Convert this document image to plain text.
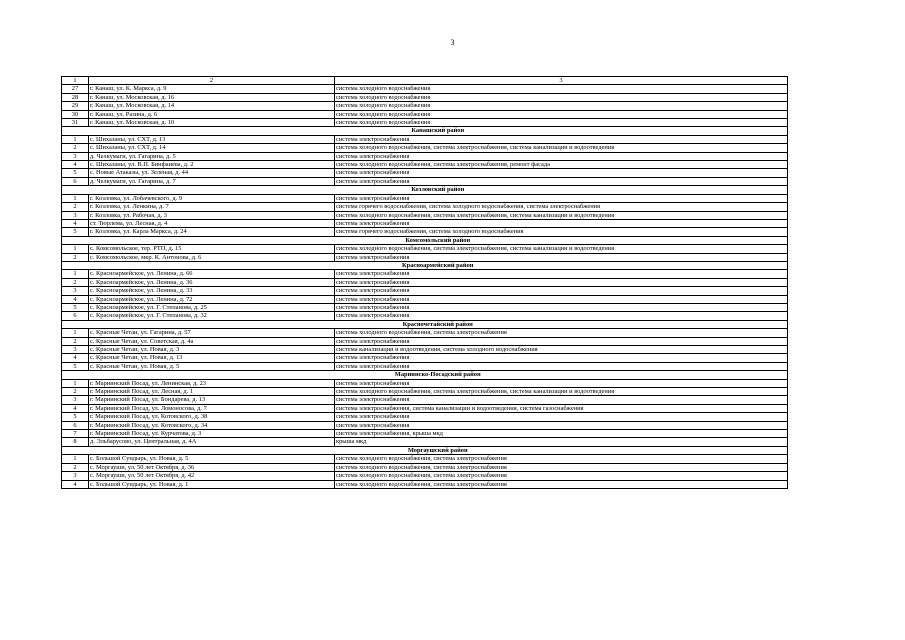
3
1	2	3
27	г. Канаш, ул. К. Маркса, д. 9	система холодного водоснабжения
28	г. Канаш, ул. Московская, д. 16	система холодного водоснабжения
29	г. Канаш, ул. Московская, д. 14	система холодного водоснабжения
30	г. Канаш, ул. Разина, д. 6	система холодного водоснабжения
31	г. Канаш, ул. Московская, д. 10	система холодного водоснабжения
	Канашский район	
1	с. Шихазаны, ул. СХТ, д. 13	система электроснабжения
2	с. Шихазаны, ул. СХТ, д. 14	система холодного водоснабжения, система электроснабжения, система канализации и водоотведения
3	д. Челкумаги, ул. Гагарина, д. 5	система электроснабжения
4	с. Шихазаны, ул. В.П. Бинфаиева, д. 2	система холодного водоснабжения, система электроснабжения, ремонт фасада
5	с. Новые Атаказы, ул. Зеленая, д. 44	система электроснабжения
6	д. Челкумаги, ул. Гагарина, д. 7	система электроснабжения
	Козловский район	
1	г. Козловка, ул. Лобачевского, д. 9	система электроснабжения
2	г. Козловка, ул. Ленкина, д. 7	система горячего водоснабжения, система холодного водоснабжения, система электроснабжения
3	г. Козловка, ул. Рабочая, д. 3	система холодного водоснабжения, система электроснабжения, система канализации и водоотведения
4	ст. Тюрлема, ул. Лесная, д. 4	система электроснабжения
5	г. Козловка, ул. Карла Маркса, д. 24	система горячего водоснабжения, система холодного водоснабжения
	Комсомольский район	
1	с. Комсомольское, тер. РТП, д. 15	система холодного водоснабжения, система электроснабжения, система канализации и водоотведения
2	с. Комсомольское, мкр. К. Антонова, д. 6	система электроснабжения
	Красноармейский район	
1	с. Красноармейское, ул. Ленина, д. 66	система электроснабжения
2	с. Красноармейское, ул. Ленина, д. 36	система электроснабжения
3	с. Красноармейское, ул. Ленина, д. 33	система электроснабжения
4	с. Красноармейское, ул. Ленина, д. 72	система электроснабжения
5	с. Красноармейское, ул. Г. Степанова, д. 25	система электроснабжения
6	с. Красноармейское, ул. Г. Степанова, д. 32	система электроснабжения
	Красночетайский район	
1	с. Красные Четаи, ул. Гагарина, д. 57	система холодного водоснабжения, система электроснабжения
2	с. Красные Четаи, ул. Советская, д. 4а	система электроснабжения
3	с. Красные Четаи, ул. Новая, д. 3	система канализации и водоотведения, система холодного водоснабжения
4	с. Красные Четаи, ул. Новая, д. 13	система электроснабжения
5	с. Красные Четаи, ул. Новая, д. 5	система электроснабжения
	Мариинско-Посадский район	
1	г. Мариинский Посад, ул. Ленинская, д. 23	система электроснабжения
2	г. Мариинский Посад, ул. Лесная, д. 1	система холодного водоснабжения, система электроснабжения, система канализации и водоотведения
3	г. Мариинский Посад, ул. Бондарева, д. 13	система электроснабжения
4	г. Мариинский Посад, ул. Ломоносова, д. 7	система электроснабжения, система канализации и водоотведения, система газоснабжения
5	г. Мариинский Посад, ул. Котовского, д. 38	система электроснабжения
6	г. Мариинский Посад, ул. Котовского, д. 34	система электроснабжения
7	г. Мариинский Посад, ул. Курчатова, д. 3	система электроснабжения, крыша мкд
8	д. Эльбарусово, ул. Центральная, д. 4А	крыша мкд
	Моргаушский район	
1	с. Большой Сундырь, ул. Новая, д. 5	система холодного водоснабжения, система электроснабжения
2	с. Моргауши, ул. 50 лет Октября, д. 36	система холодного водоснабжения, система электроснабжения
3	с. Моргауши, ул. 50 лет Октября, д. 42	система холодного водоснабжения, система электроснабжения
4	с. Большой Сундырь, ул. Новая, д. 1	система холодного водоснабжения, система электроснабжения
